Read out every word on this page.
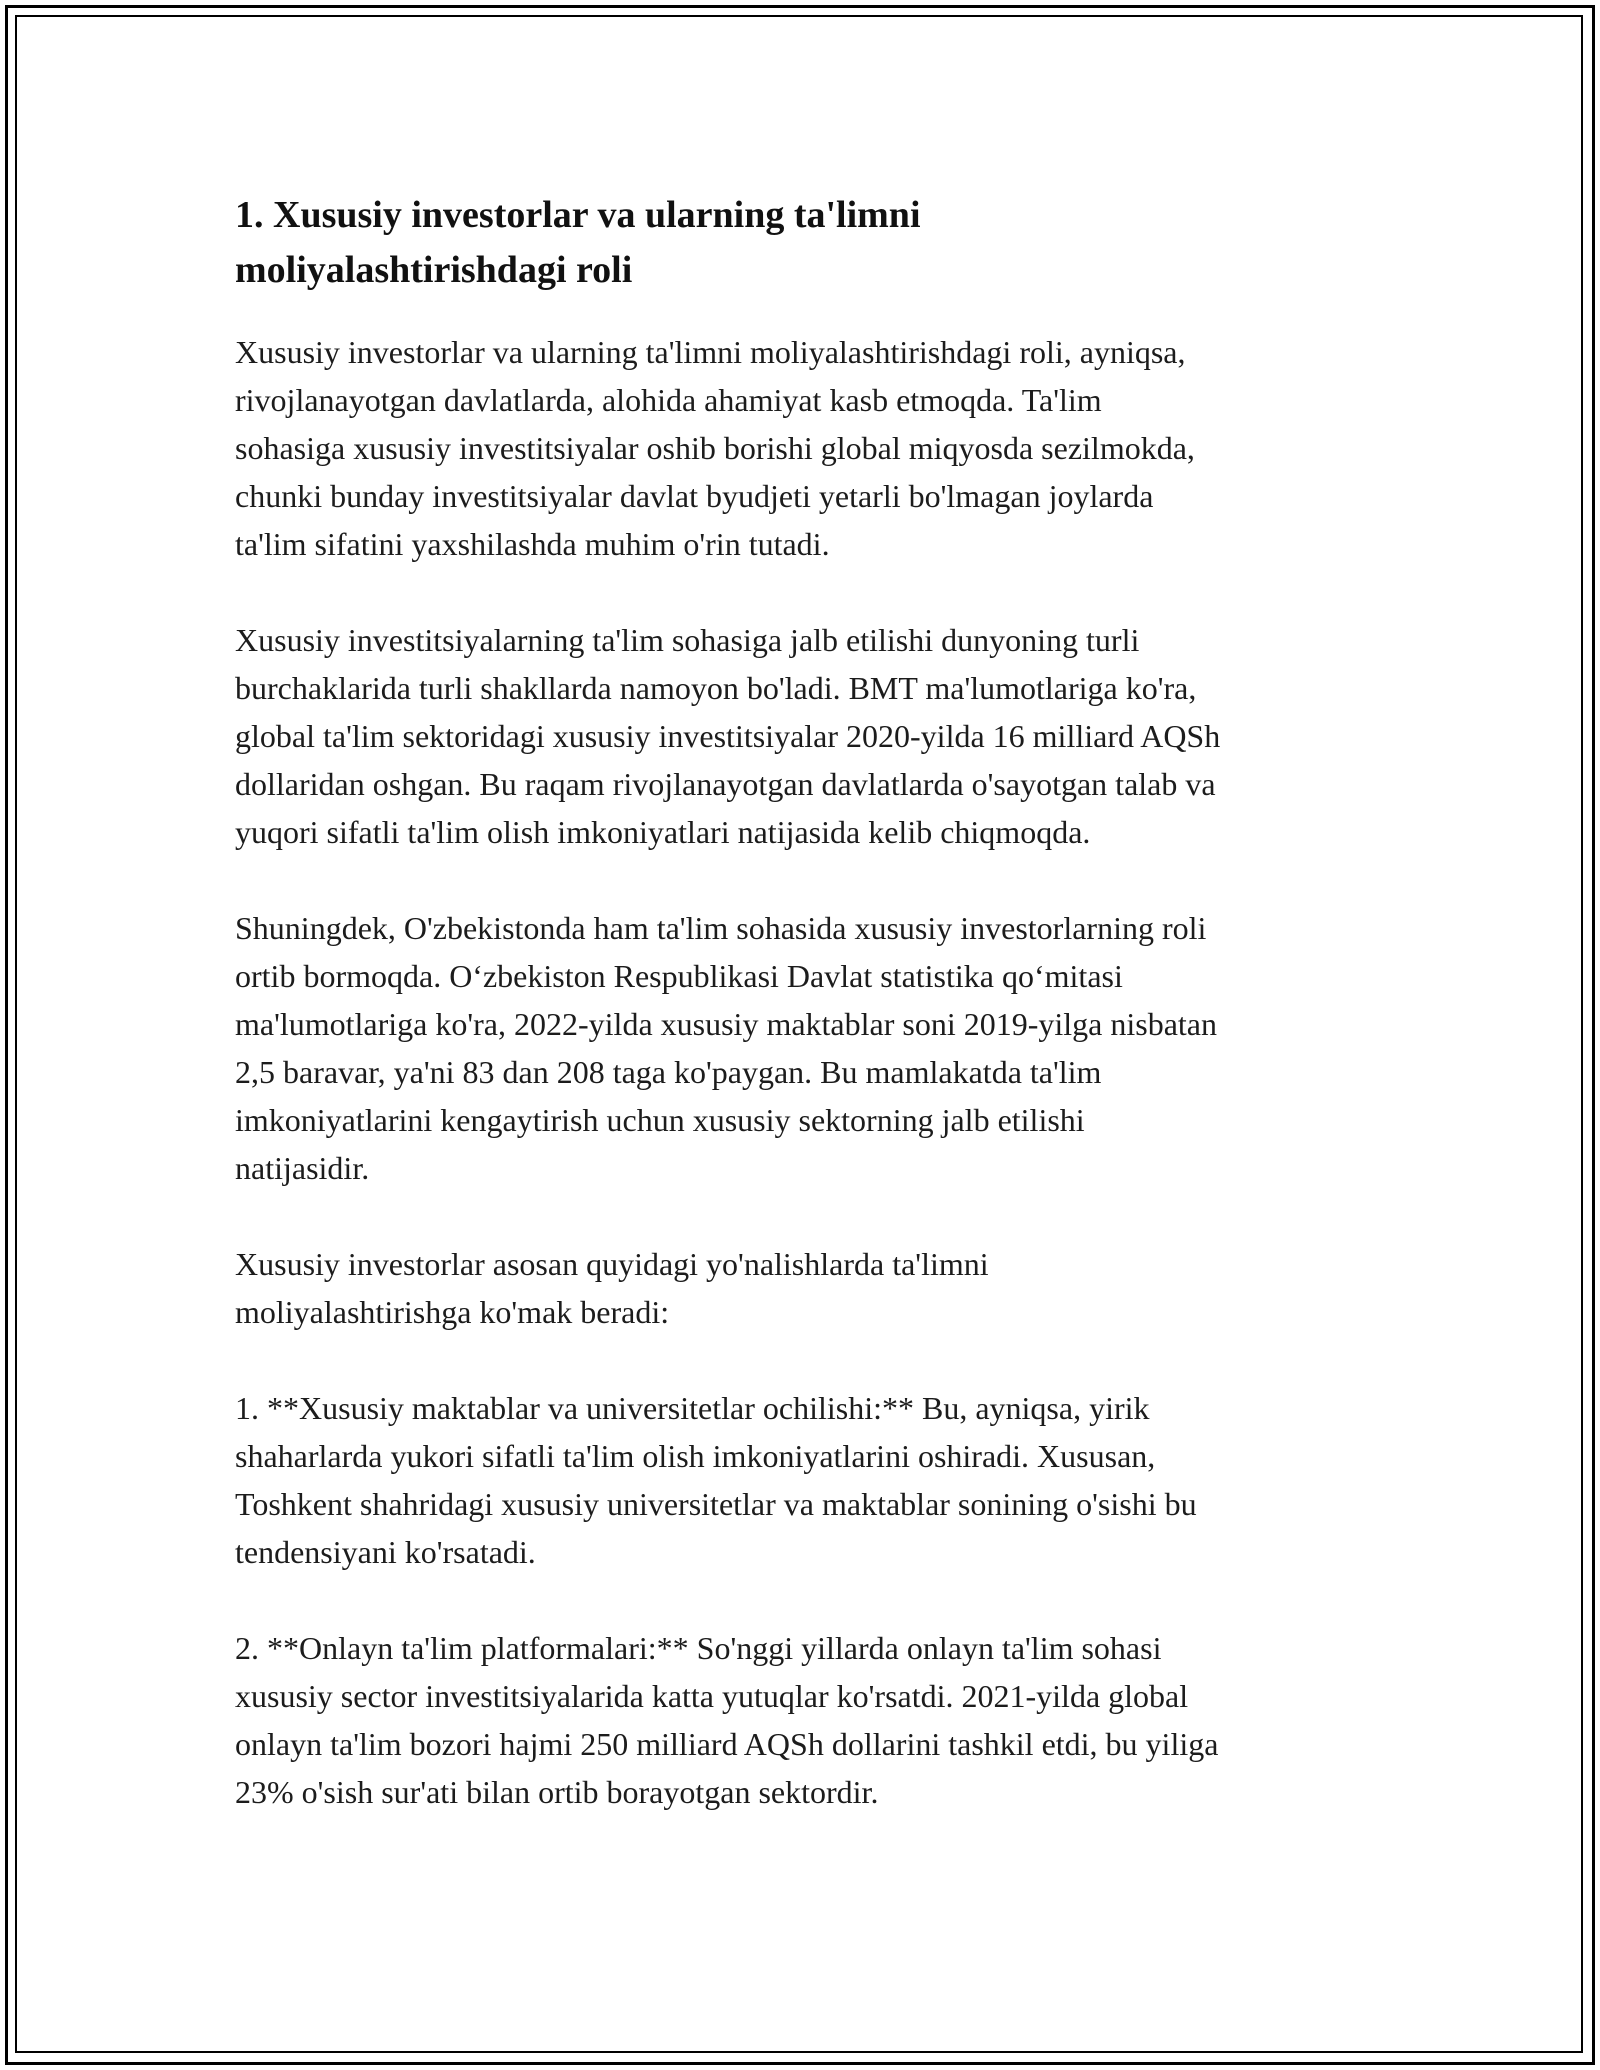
1. Xususiy investorlar va ularning ta'limni
moliyalashtirishdagi roli

Xususiy investorlar va ularning ta'limni moliyalashtirishdagi roli, ayniqsa,
rivojlanayotgan davlatlarda, alohida ahamiyat kasb etmoqda. Ta'lim
sohasiga xususiy investitsiyalar oshib borishi global miqyosda sezilmokda,
chunki bunday investitsiyalar davlat byudjeti yetarli bo'lmagan joylarda
ta'lim sifatini yaxshilashda muhim o'rin tutadi.

Xususiy investitsiyalarning ta'lim sohasiga jalb etilishi dunyoning turli
burchaklarida turli shakllarda namoyon bo'ladi. BMT ma'lumotlariga ko'ra,
global ta'lim sektoridagi xususiy investitsiyalar 2020-yilda 16 milliard AQSh
dollaridan oshgan. Bu raqam rivojlanayotgan davlatlarda o'sayotgan talab va
yuqori sifatli ta'lim olish imkoniyatlari natijasida kelib chiqmoqda.

Shuningdek, O'zbekistonda ham ta'lim sohasida xususiy investorlarning roli
ortib bormoqda. O‘zbekiston Respublikasi Davlat statistika qo‘mitasi
ma'lumotlariga ko'ra, 2022-yilda xususiy maktablar soni 2019-yilga nisbatan
2,5 baravar, ya'ni 83 dan 208 taga ko'paygan. Bu mamlakatda ta'lim
imkoniyatlarini kengaytirish uchun xususiy sektorning jalb etilishi
natijasidir.

Xususiy investorlar asosan quyidagi yo'nalishlarda ta'limni
moliyalashtirishga ko'mak beradi:

1. **Xususiy maktablar va universitetlar ochilishi:** Bu, ayniqsa, yirik
shaharlarda yukori sifatli ta'lim olish imkoniyatlarini oshiradi. Xususan,
Toshkent shahridagi xususiy universitetlar va maktablar sonining o'sishi bu
tendensiyani ko'rsatadi.

2. **Onlayn ta'lim platformalari:** So'nggi yillarda onlayn ta'lim sohasi
xususiy sector investitsiyalarida katta yutuqlar ko'rsatdi. 2021-yilda global
onlayn ta'lim bozori hajmi 250 milliard AQSh dollarini tashkil etdi, bu yiliga
23% o'sish sur'ati bilan ortib borayotgan sektordir.
